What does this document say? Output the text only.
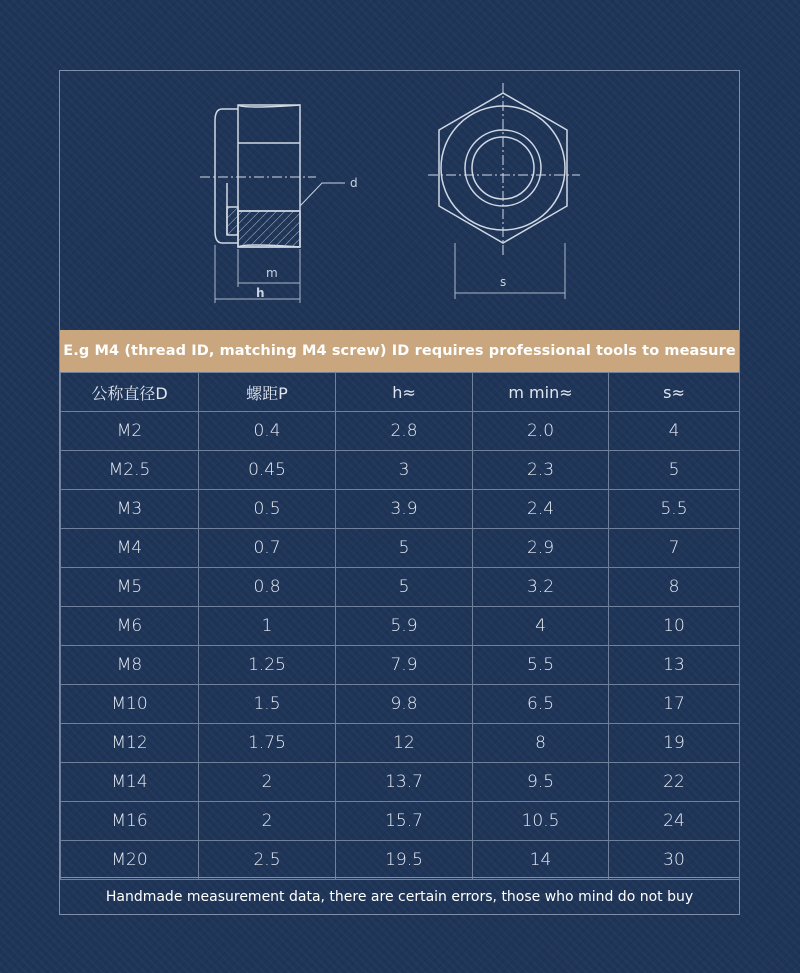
d
m
h
s
E.g M4 (thread ID, matching M4 screw) ID requires professional tools to measure
公称直径D	螺距P	h≈	m min≈	s≈
M2	0.4	2.8	2.0	4
M2.5	0.45	3	2.3	5
M3	0.5	3.9	2.4	5.5
M4	0.7	5	2.9	7
M5	0.8	5	3.2	8
M6	1	5.9	4	10
M8	1.25	7.9	5.5	13
M10	1.5	9.8	6.5	17
M12	1.75	12	8	19
M14	2	13.7	9.5	22
M16	2	15.7	10.5	24
M20	2.5	19.5	14	30
Handmade measurement data, there are certain errors, those who mind do not buy
